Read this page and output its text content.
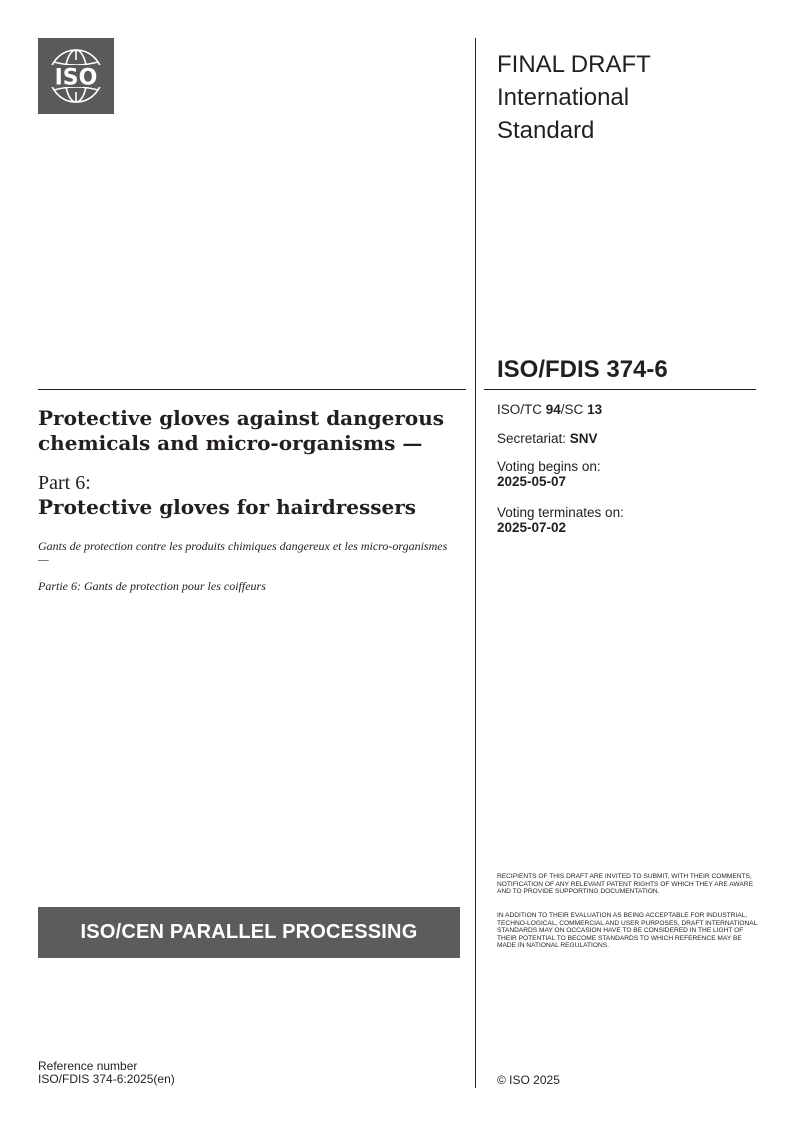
ISO	FINAL DRAFT
International
Standard
ISO/FDIS 374-6
ISO/TC 94/SC 13
Secretariat: SNV
Voting begins on:
2025-05-07
Voting terminates on:
2025-07-02
Protective gloves against dangerous chemicals and micro-organisms —
Part 6:
Protective gloves for hairdressers
Gants de protection contre les produits chimiques dangereux et les micro-organismes —
Partie 6: Gants de protection pour les coiffeurs
ISO/CEN PARALLEL PROCESSING
RECIPIENTS OF THIS DRAFT ARE INVITED TO SUBMIT, WITH THEIR COMMENTS, NOTIFICATION OF ANY RELEVANT PATENT RIGHTS OF WHICH THEY ARE AWARE AND TO PROVIDE SUPPORTING DOCUMENTATION.
IN ADDITION TO THEIR EVALUATION AS BEING ACCEPTABLE FOR INDUSTRIAL, TECHNO-LOGICAL, COMMERCIAL AND USER PURPOSES, DRAFT INTERNATIONAL STANDARDS MAY ON OCCASION HAVE TO BE CONSIDERED IN THE LIGHT OF THEIR POTENTIAL TO BECOME STANDARDS TO WHICH REFERENCE MAY BE MADE IN NATIONAL REGULATIONS.
Reference number
ISO/FDIS 374-6:2025(en)	© ISO 2025
